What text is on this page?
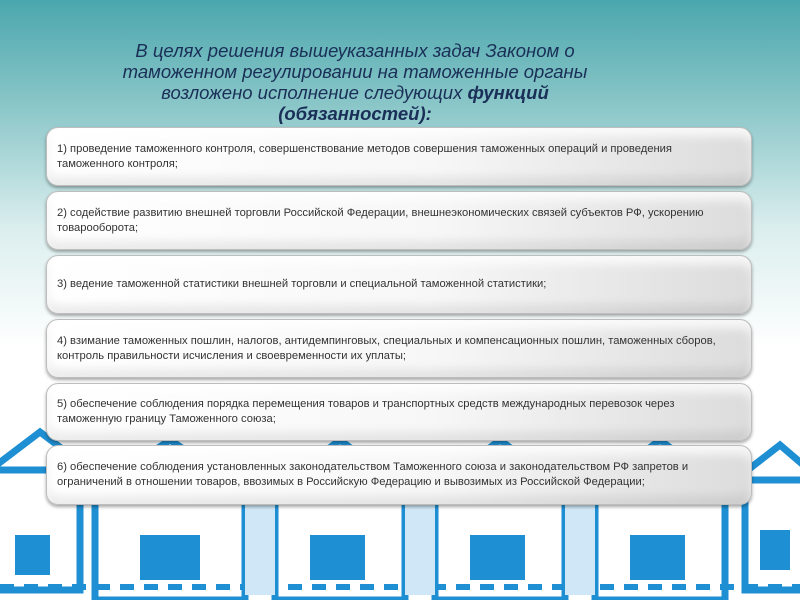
В целях решения вышеуказанных задач Законом о
таможенном регулировании на таможенные органы
возложено исполнение следующих функций
(обязанностей):
1) проведение таможенного контроля, совершенствование методов совершения таможенных операций и проведения таможенного контроля;
2) содействие развитию внешней торговли Российской Федерации, внешнеэкономических связей субъектов РФ, ускорению товарооборота;
3) ведение таможенной статистики внешней торговли и специальной таможенной статистики;
4) взимание таможенных пошлин, налогов, антидемпинговых, специальных и компенсационных пошлин, таможенных сборов, контроль правильности исчисления и своевременности их уплаты;
5) обеспечение соблюдения порядка перемещения товаров и транспортных средств международных перевозок через таможенную границу Таможенного союза;
6) обеспечение соблюдения установленных законодательством Таможенного союза и законодательством РФ запретов и ограничений в отношении товаров, ввозимых в Российскую Федерацию и вывозимых из Российской Федерации;
